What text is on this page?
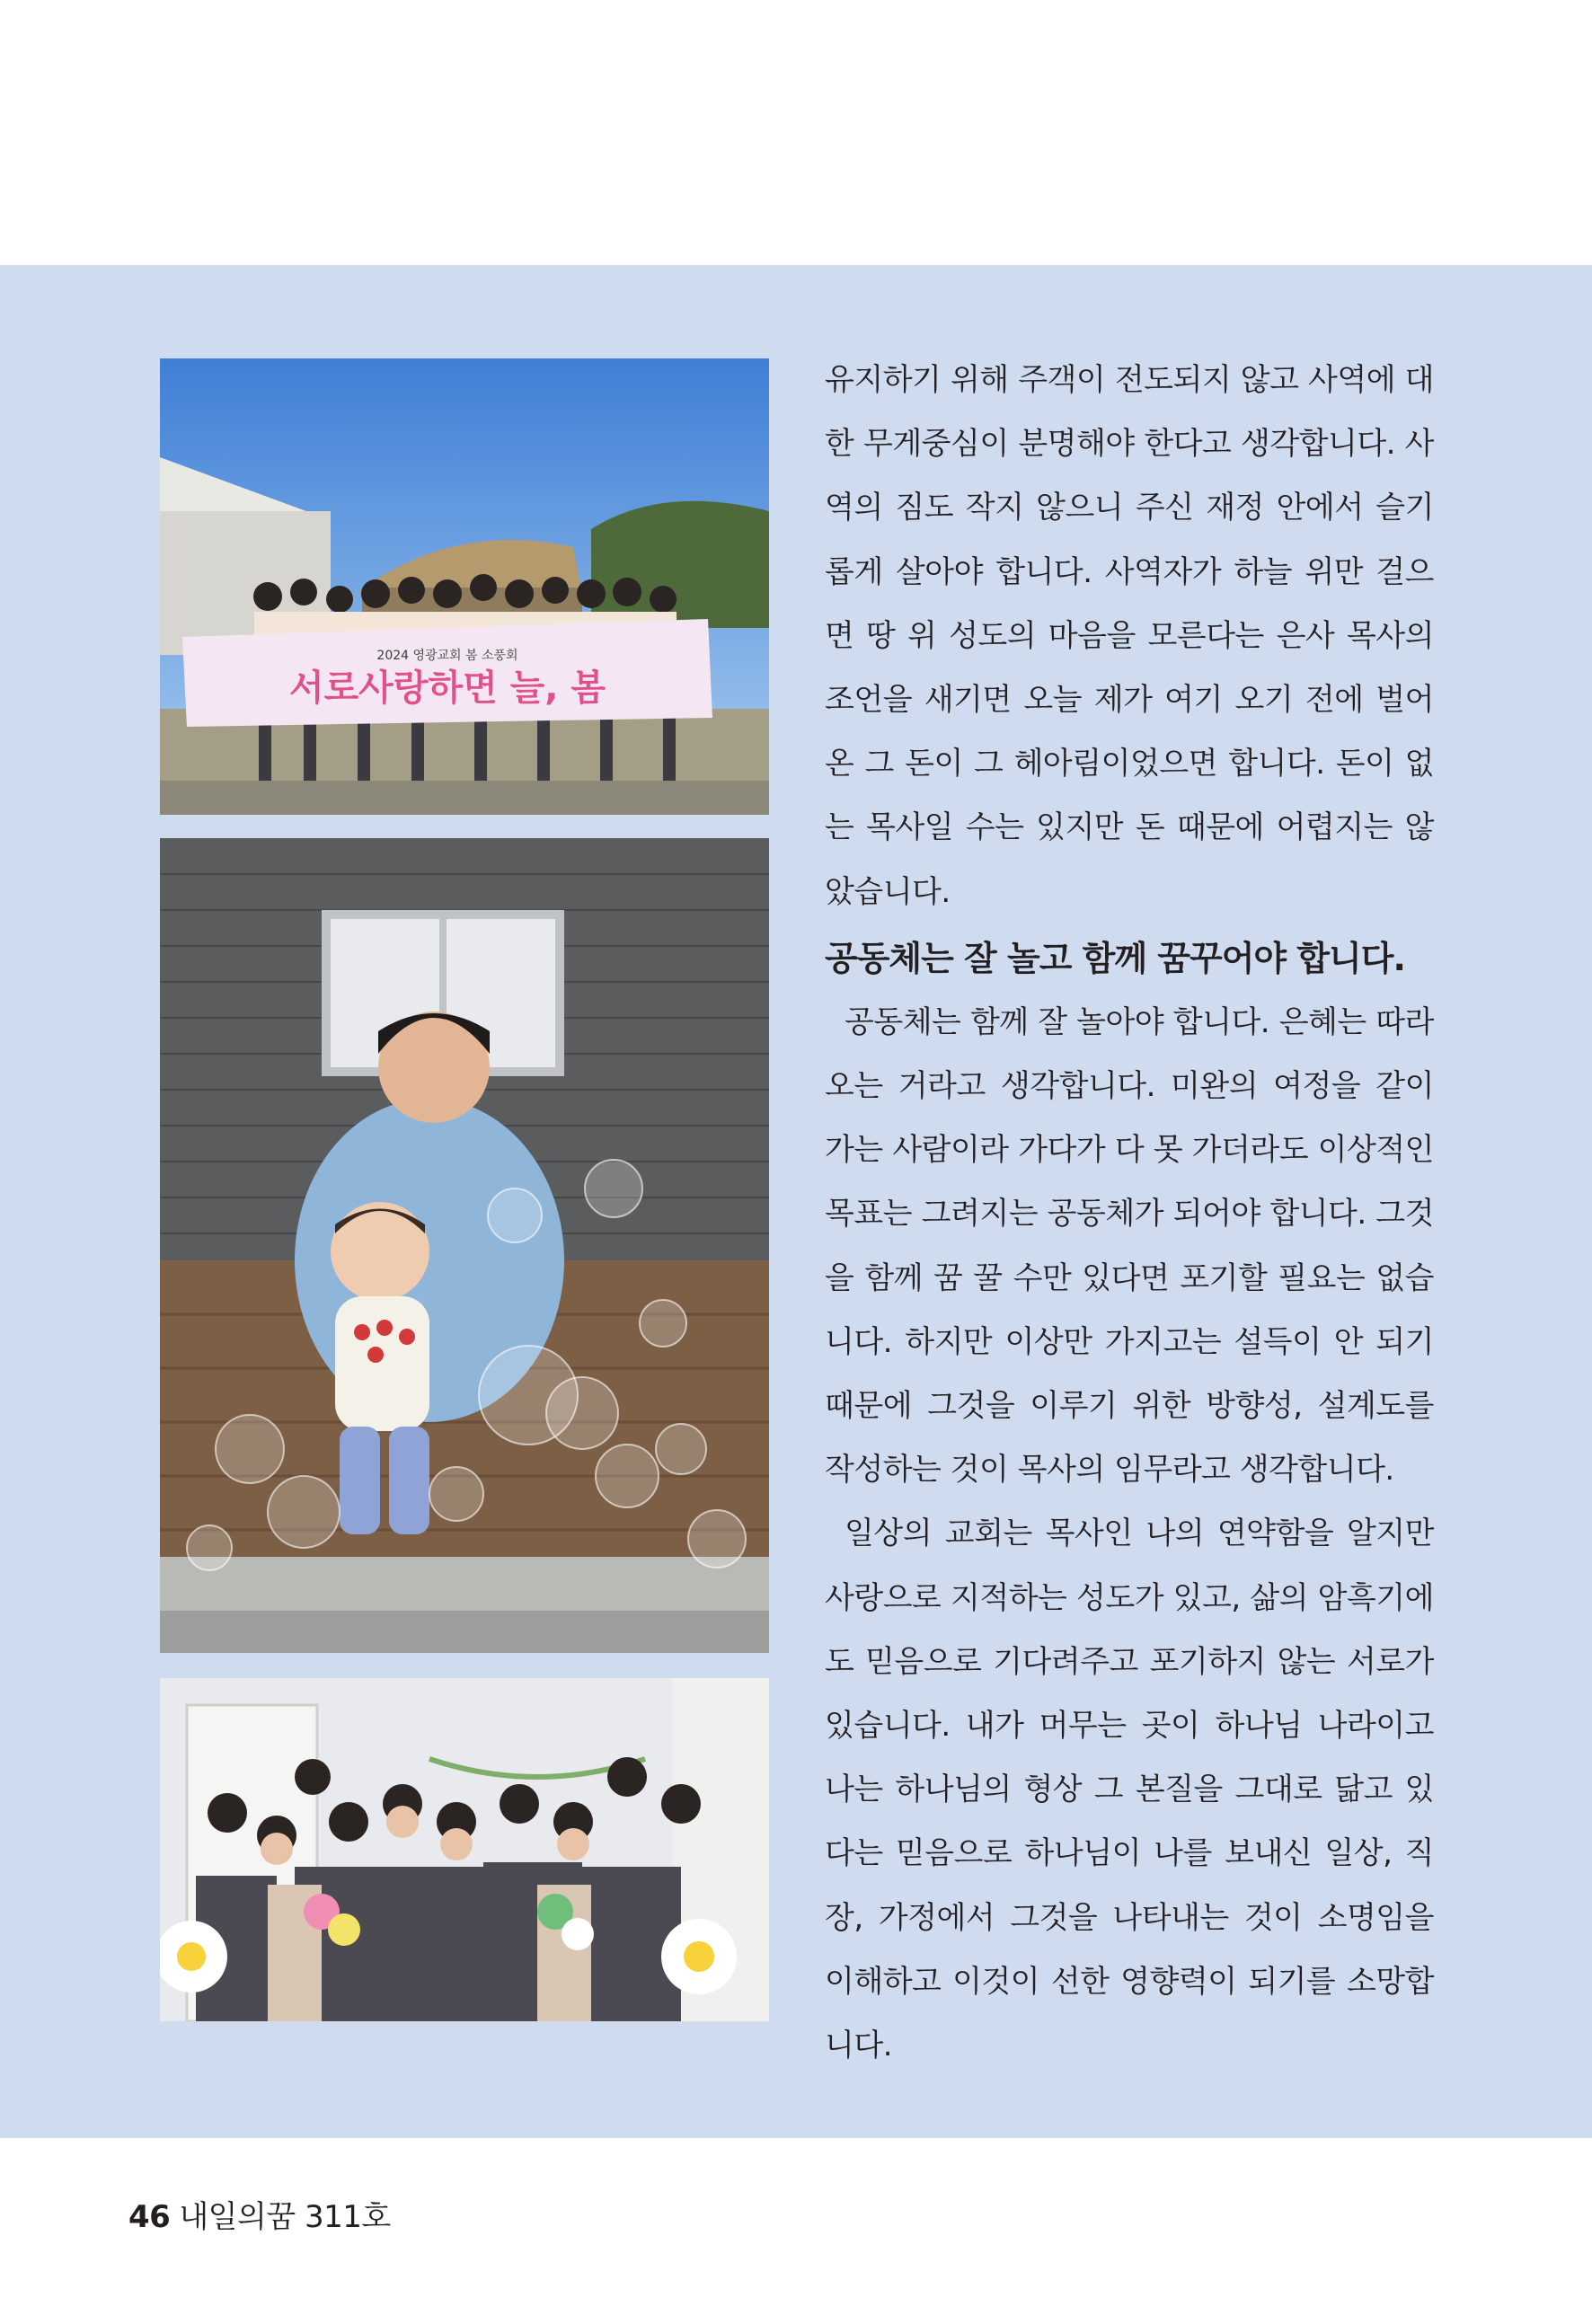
2024 영광교회 봄 소풍회
서로사랑하면 늘, 봄

유지하기 위해 주객이 전도되지 않고 사역에 대한 무게중심이 분명해야 한다고 생각합니다. 사역의 짐도 작지 않으니 주신 재정 안에서 슬기롭게 살아야 합니다. 사역자가 하늘 위만 걸으면 땅 위 성도의 마음을 모른다는 은사 목사의 조언을 새기면 오늘 제가 여기 오기 전에 벌어 온 그 돈이 그 헤아림이었으면 합니다. 돈이 없는 목사일 수는 있지만 돈 때문에 어렵지는 않았습니다.

공동체는 잘 놀고 함께 꿈꾸어야 합니다.

공동체는 함께 잘 놀아야 합니다. 은혜는 따라오는 거라고 생각합니다. 미완의 여정을 같이 가는 사람이라 가다가 다 못 가더라도 이상적인 목표는 그려지는 공동체가 되어야 합니다. 그것을 함께 꿈 꿀 수만 있다면 포기할 필요는 없습니다. 하지만 이상만 가지고는 설득이 안 되기 때문에 그것을 이루기 위한 방향성, 설계도를 작성하는 것이 목사의 임무라고 생각합니다.

일상의 교회는 목사인 나의 연약함을 알지만 사랑으로 지적하는 성도가 있고, 삶의 암흑기에도 믿음으로 기다려주고 포기하지 않는 서로가 있습니다. 내가 머무는 곳이 하나님 나라이고 나는 하나님의 형상 그 본질을 그대로 닮고 있다는 믿음으로 하나님이 나를 보내신 일상, 직장, 가정에서 그것을 나타내는 것이 소명임을 이해하고 이것이 선한 영향력이 되기를 소망합니다.

46 내일의꿈 311호
